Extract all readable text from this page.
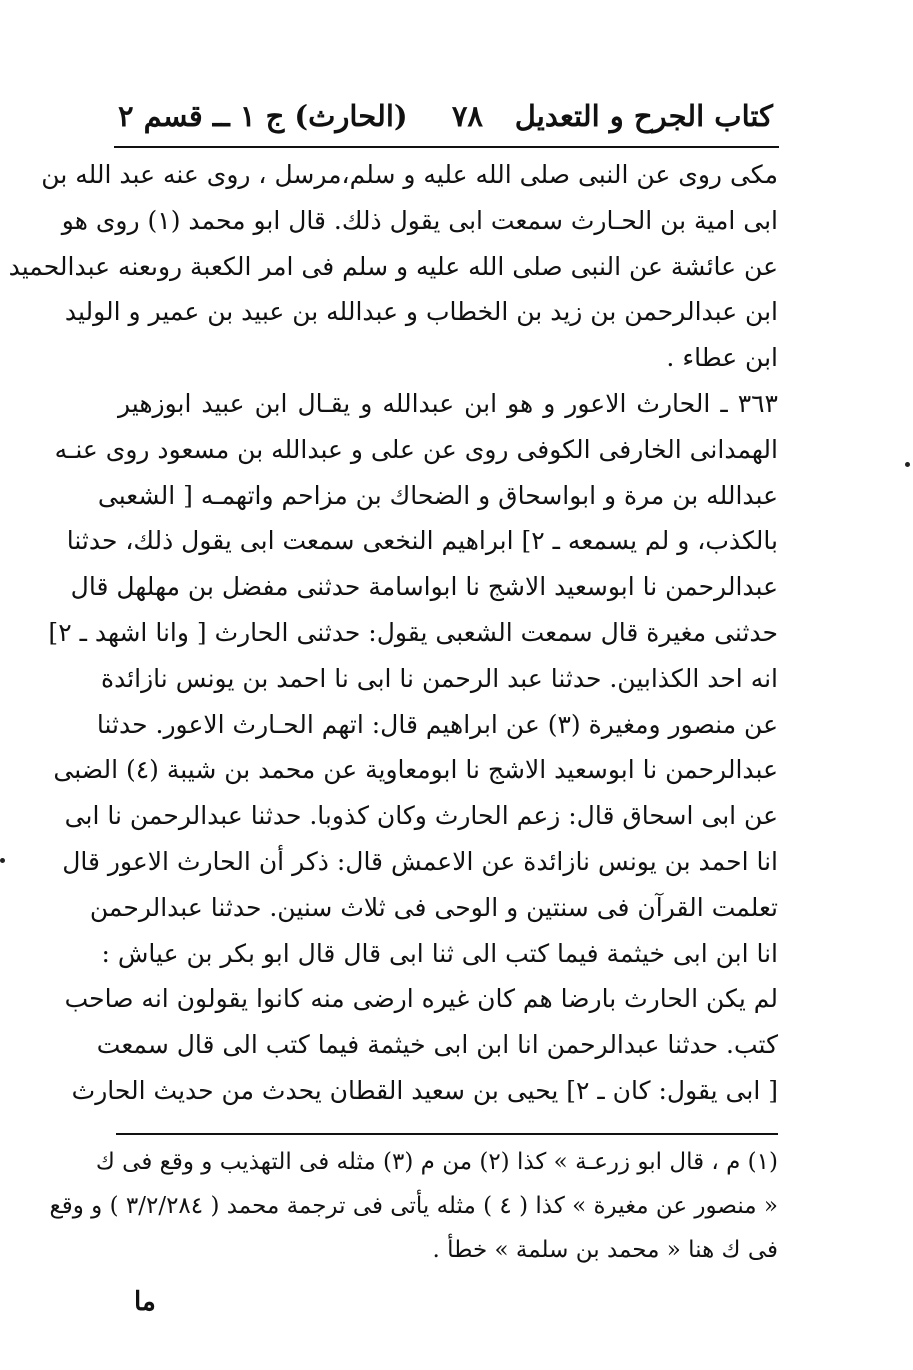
كتاب الجرح و التعديل
٧٨
(الحارث) ج ١ ــ قسم ٢
مكى روى عن النبى صلى الله عليه و سلم،مرسل ، روى عنه عبد الله بن
ابى امية بن الحـارث سمعت ابى يقول ذلك. قال ابو محمد (١) روى هو
عن عائشة عن النبى صلى الله عليه و سلم فى امر الكعبة روىعنه عبدالحميد
ابن عبدالرحمن بن زيد بن الخطاب و عبدالله بن عبيد بن عمير و الوليد
ابن عطاء .
٣٦٣ ـ الحارث الاعور و هو ابن عبدالله و يقـال ابن عبيد ابوزهير
الهمدانى الخارفى الكوفى روى عن على و عبدالله بن مسعود روى عنـه
عبدالله بن مرة و ابواسحاق و الضحاك بن مزاحم واتهمـه [ الشعبى
بالكذب، و لم يسمعه ـ ٢] ابراهيم النخعى سمعت ابى يقول ذلك، حدثنا
عبدالرحمن نا ابوسعيد الاشج نا ابواسامة حدثنى مفضل بن مهلهل قال
حدثنى مغيرة قال سمعت الشعبى يقول: حدثنى الحارث [ وانا اشهد ـ ٢]
انه احد الكذابين. حدثنا عبد الرحمن نا ابى نا احمد بن يونس نازائدة
عن منصور ومغيرة (٣) عن ابراهيم قال: اتهم الحـارث الاعور. حدثنا
عبدالرحمن نا ابوسعيد الاشج نا ابومعاوية عن محمد بن شيبة (٤) الضبى
عن ابى اسحاق قال: زعم الحارث وكان كذوبا. حدثنا عبدالرحمن نا ابى
انا احمد بن يونس نازائدة عن الاعمش قال: ذكر أن الحارث الاعور قال
تعلمت القرآن فى سنتين و الوحى فى ثلاث سنين. حدثنا عبدالرحمن
انا ابن ابى خيثمة فيما كتب الى ثنا ابى قال قال ابو بكر بن عياش :
لم يكن الحارث بارضا هم كان غيره ارضى منه كانوا يقولون انه صاحب
كتب. حدثنا عبدالرحمن انا ابن ابى خيثمة فيما كتب الى قال سمعت
[ ابى يقول: كان ـ ٢] يحيى بن سعيد القطان يحدث من حديث الحارث
(١) م ، قال ابو زرعـة » كذا (٢) من م (٣) مثله فى التهذيب و وقع فى ك
« منصور عن مغيرة » كذا ( ٤ ) مثله يأتى فى ترجمة محمد ( ٣/٢/٢٨٤ ) و وقع
فى ك هنا « محمد بن سلمة » خطأ .
ما
